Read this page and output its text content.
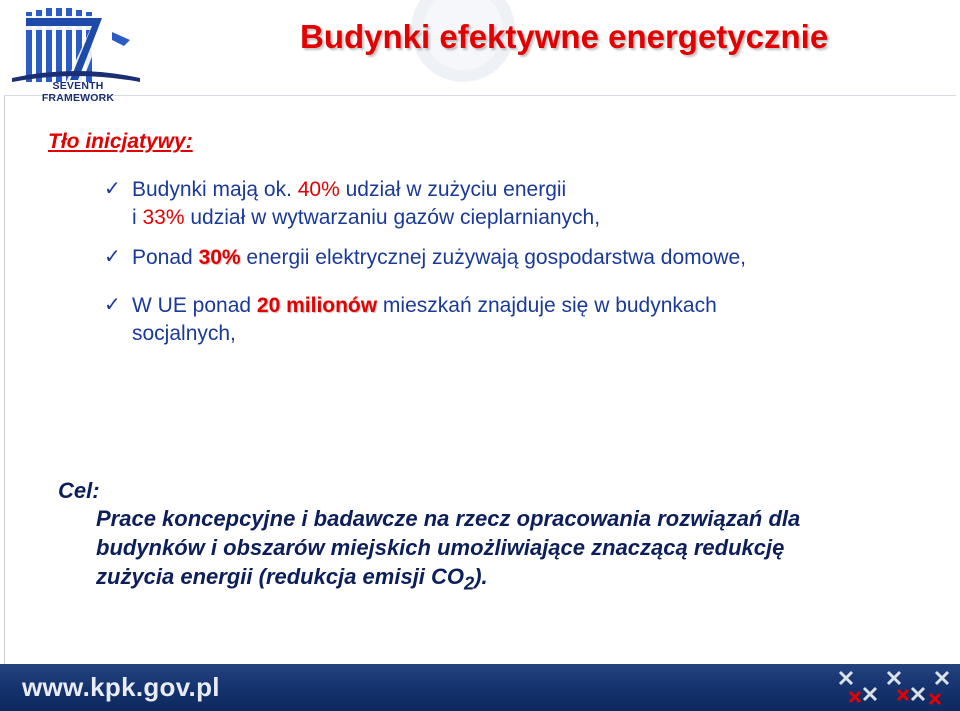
SEVENTH FRAMEWORK
Budynki efektywne energetycznie
Tło inicjatywy:
✓ Budynki mają ok. 40% udział w zużyciu energii
i 33% udział w wytwarzaniu gazów cieplarnianych,
✓ Ponad 30% energii elektrycznej zużywają gospodarstwa domowe,
✓ W UE ponad 20 milionów mieszkań znajduje się w budynkach
socjalnych,
Cel:
Prace koncepcyjne i badawcze na rzecz opracowania rozwiązań dla
budynków i obszarów miejskich umożliwiające znaczącą redukcję
zużycia energii (redukcja emisji $CO_2$).
www.kpk.gov.pl
